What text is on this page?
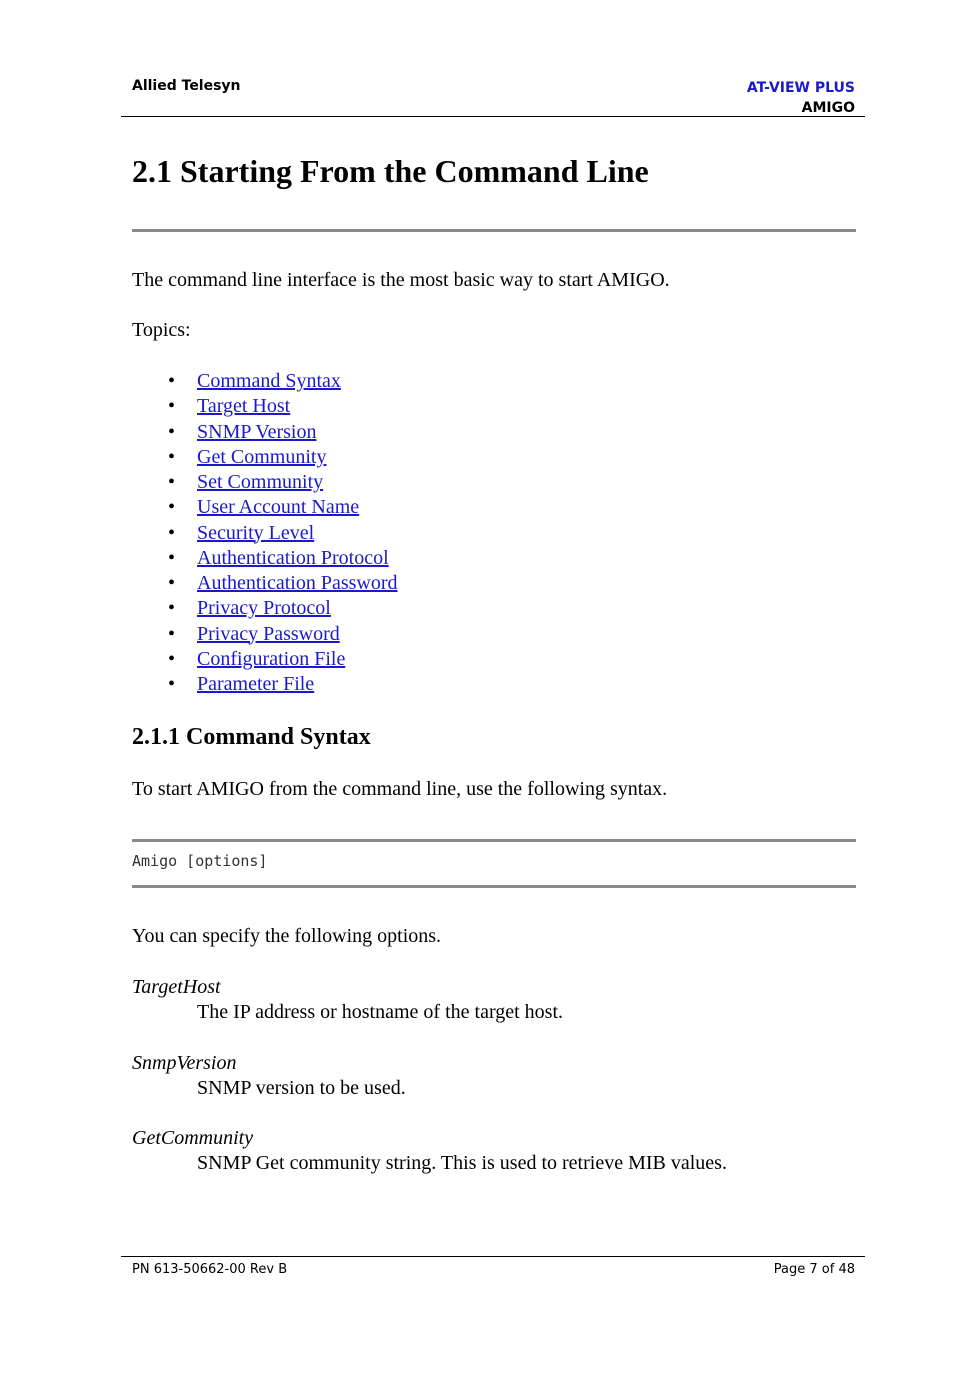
Allied Telesyn	AT-VIEW PLUS
AMIGO
2.1 Starting From the Command Line

The command line interface is the most basic way to start AMIGO.

Topics:

• Command Syntax
• Target Host
• SNMP Version
• Get Community
• Set Community
• User Account Name
• Security Level
• Authentication Protocol
• Authentication Password
• Privacy Protocol
• Privacy Password
• Configuration File
• Parameter File
2.1.1 Command Syntax

To start AMIGO from the command line, use the following syntax.

Amigo [options]

You can specify the following options.

TargetHost
The IP address or hostname of the target host.
SnmpVersion
SNMP version to be used.
GetCommunity
SNMP Get community string. This is used to retrieve MIB values.
PN 613-50662-00 Rev B	Page 7 of 48
